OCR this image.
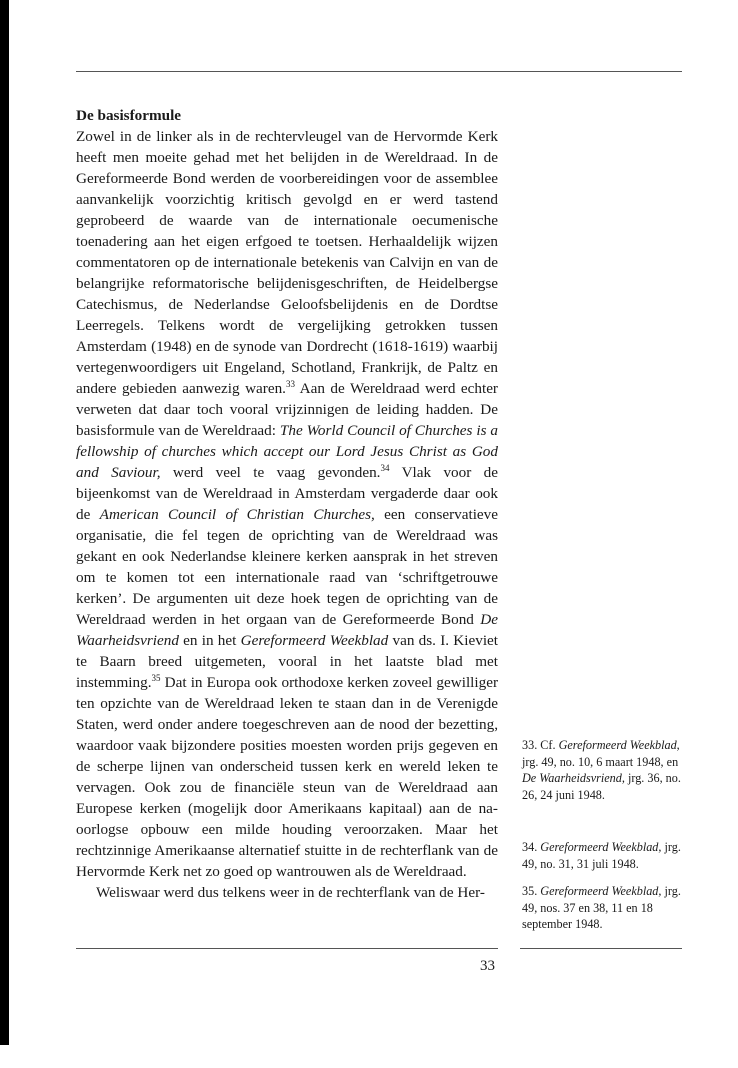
De basisformule

Zowel in de linker als in de rechtervleugel van de Hervormde Kerk heeft men moeite gehad met het belijden in de Wereldraad. In de Gereformeerde Bond werden de voorbereidingen voor de assemblee aanvankelijk voorzichtig kritisch gevolgd en er werd tastend geprobeerd de waarde van de internationale oecumenische toenadering aan het eigen erfgoed te toetsen. Herhaaldelijk wijzen commentatoren op de internationale betekenis van Calvijn en van de belangrijke reformatorische belijdenisgeschriften, de Heidelbergse Catechismus, de Nederlandse Geloofsbelijdenis en de Dordtse Leerregels. Telkens wordt de vergelijking getrokken tussen Amsterdam (1948) en de synode van Dordrecht (1618-1619) waarbij vertegenwoordigers uit Engeland, Schotland, Frankrijk, de Paltz en andere gebieden aanwezig waren.$^{33}$ Aan de Wereldraad werd echter verweten dat daar toch vooral vrijzinnigen de leiding hadden. De basisformule van de Wereldraad: The World Council of Churches is a fellowship of churches which accept our Lord Jesus Christ as God and Saviour, werd veel te vaag gevonden.$^{34}$ Vlak voor de bijeenkomst van de Wereldraad in Amsterdam vergaderde daar ook de American Council of Christian Churches, een conservatieve organisatie, die fel tegen de oprichting van de Wereldraad was gekant en ook Nederlandse kleinere kerken aansprak in het streven om te komen tot een internationale raad van ‘schriftgetrouwe kerken’. De argumenten uit deze hoek tegen de oprichting van de Wereldraad werden in het orgaan van de Gereformeerde Bond De Waarheidsvriend en in het Gereformeerd Weekblad van ds. I. Kieviet te Baarn breed uitgemeten, vooral in het laatste blad met instemming.$^{35}$ Dat in Europa ook orthodoxe kerken zoveel gewilliger ten opzichte van de Wereldraad leken te staan dan in de Verenigde Staten, werd onder andere toegeschreven aan de nood der bezetting, waardoor vaak bijzondere posities moesten worden prijs gegeven en de scherpe lijnen van onderscheid tussen kerk en wereld leken te vervagen. Ook zou de financiële steun van de Wereldraad aan Europese kerken (mogelijk door Amerikaans kapitaal) aan de na-oorlogse opbouw een milde houding veroorzaken. Maar het rechtzinnige Amerikaanse alternatief stuitte in de rechterflank van de Hervormde Kerk net zo goed op wantrouwen als de Wereldraad.

Weliswaar werd dus telkens weer in de rechterflank van de Her-

33. Cf. Gereformeerd Weekblad, jrg. 49, no. 10, 6 maart 1948, en De Waarheidsvriend, jrg. 36, no. 26, 24 juni 1948.
34. Gereformeerd Weekblad, jrg. 49, no. 31, 31 juli 1948.
35. Gereformeerd Weekblad, jrg. 49, nos. 37 en 38, 11 en 18 september 1948.
33
